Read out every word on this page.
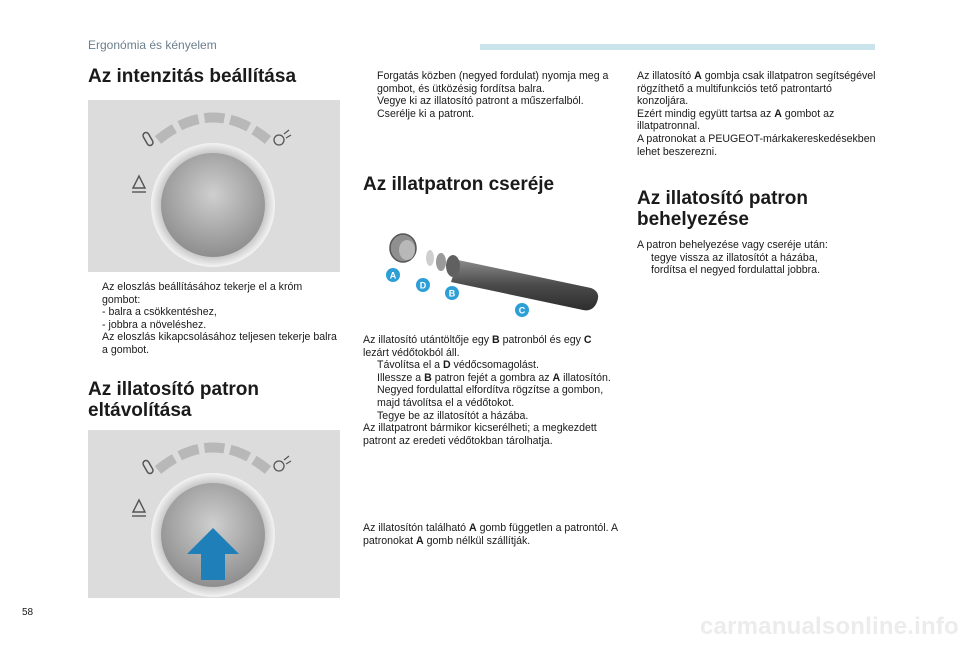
Ergonómia és kényelem
Az intenzitás beállítása

Az eloszlás beállításához tekerje el a króm gombot:

- balra a csökkentéshez,

- jobbra a növeléshez.

Az eloszlás kikapcsolásához teljesen tekerje balra a gombot.

Az illatosító patron eltávolítása

Forgatás közben (negyed fordulat) nyomja meg a gombot, és ütközésig fordítsa balra.

Vegye ki az illatosító patront a műszerfalból.

Cserélje ki a patront.

Az illatpatron cseréje
A
D
B
C

Az illatosító utántöltője egy B patronból és egy C lezárt védőtokból áll.

Távolítsa el a D védőcsomagolást.

Illessze a B patron fejét a gombra az A illatosítón.

Negyed fordulattal elfordítva rögzítse a gombon, majd távolítsa el a védőtokot.

Tegye be az illatosítót a házába.

Az illatpatront bármikor kicserélheti; a megkezdett patront az eredeti védőtokban tárolhatja.

Az illatosítón található A gomb független a patrontól. A patronokat A gomb nélkül szállítják.

Az illatosító A gombja csak illatpatron segítségével rögzíthető a multifunkciós tető patrontartó konzoljára.

Ezért mindig együtt tartsa az A gombot az illatpatronnal.

A patronokat a PEUGEOT-márkakereskedésekben lehet beszerezni.

Az illatosító patron behelyezése

A patron behelyezése vagy cseréje után:

tegye vissza az illatosítót a házába,

fordítsa el negyed fordulattal jobbra.

58
carmanualsonline.info
